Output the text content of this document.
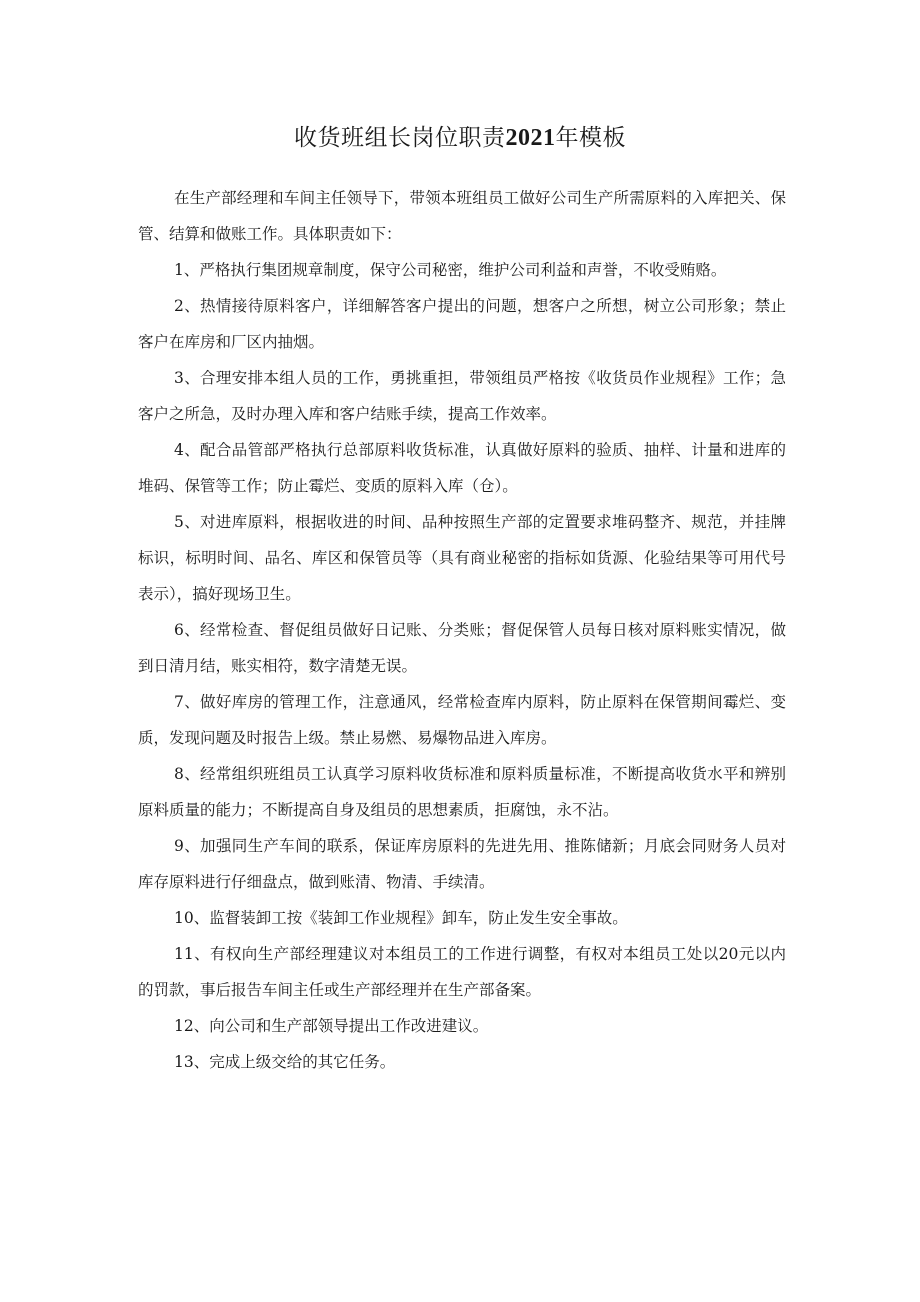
收货班组长岗位职责2021年模板

在生产部经理和车间主任领导下，带领本班组员工做好公司生产所需原料的入库把关、保管、结算和做账工作。具体职责如下：

1、严格执行集团规章制度，保守公司秘密，维护公司利益和声誉，不收受贿赂。

2、热情接待原料客户，详细解答客户提出的问题，想客户之所想，树立公司形象；禁止客户在库房和厂区内抽烟。

3、合理安排本组人员的工作，勇挑重担，带领组员严格按《收货员作业规程》工作；急客户之所急，及时办理入库和客户结账手续，提高工作效率。

4、配合品管部严格执行总部原料收货标准，认真做好原料的验质、抽样、计量和进库的堆码、保管等工作；防止霉烂、变质的原料入库（仓）。

5、对进库原料，根据收进的时间、品种按照生产部的定置要求堆码整齐、规范，并挂牌标识，标明时间、品名、库区和保管员等（具有商业秘密的指标如货源、化验结果等可用代号表示），搞好现场卫生。

6、经常检查、督促组员做好日记账、分类账；督促保管人员每日核对原料账实情况，做到日清月结，账实相符，数字清楚无误。

7、做好库房的管理工作，注意通风，经常检查库内原料，防止原料在保管期间霉烂、变质，发现问题及时报告上级。禁止易燃、易爆物品进入库房。

8、经常组织班组员工认真学习原料收货标准和原料质量标准，不断提高收货水平和辨别原料质量的能力；不断提高自身及组员的思想素质，拒腐蚀，永不沾。

9、加强同生产车间的联系，保证库房原料的先进先用、推陈储新；月底会同财务人员对库存原料进行仔细盘点，做到账清、物清、手续清。

10、监督装卸工按《装卸工作业规程》卸车，防止发生安全事故。

11、有权向生产部经理建议对本组员工的工作进行调整，有权对本组员工处以20元以内的罚款，事后报告车间主任或生产部经理并在生产部备案。

12、向公司和生产部领导提出工作改进建议。

13、完成上级交给的其它任务。
